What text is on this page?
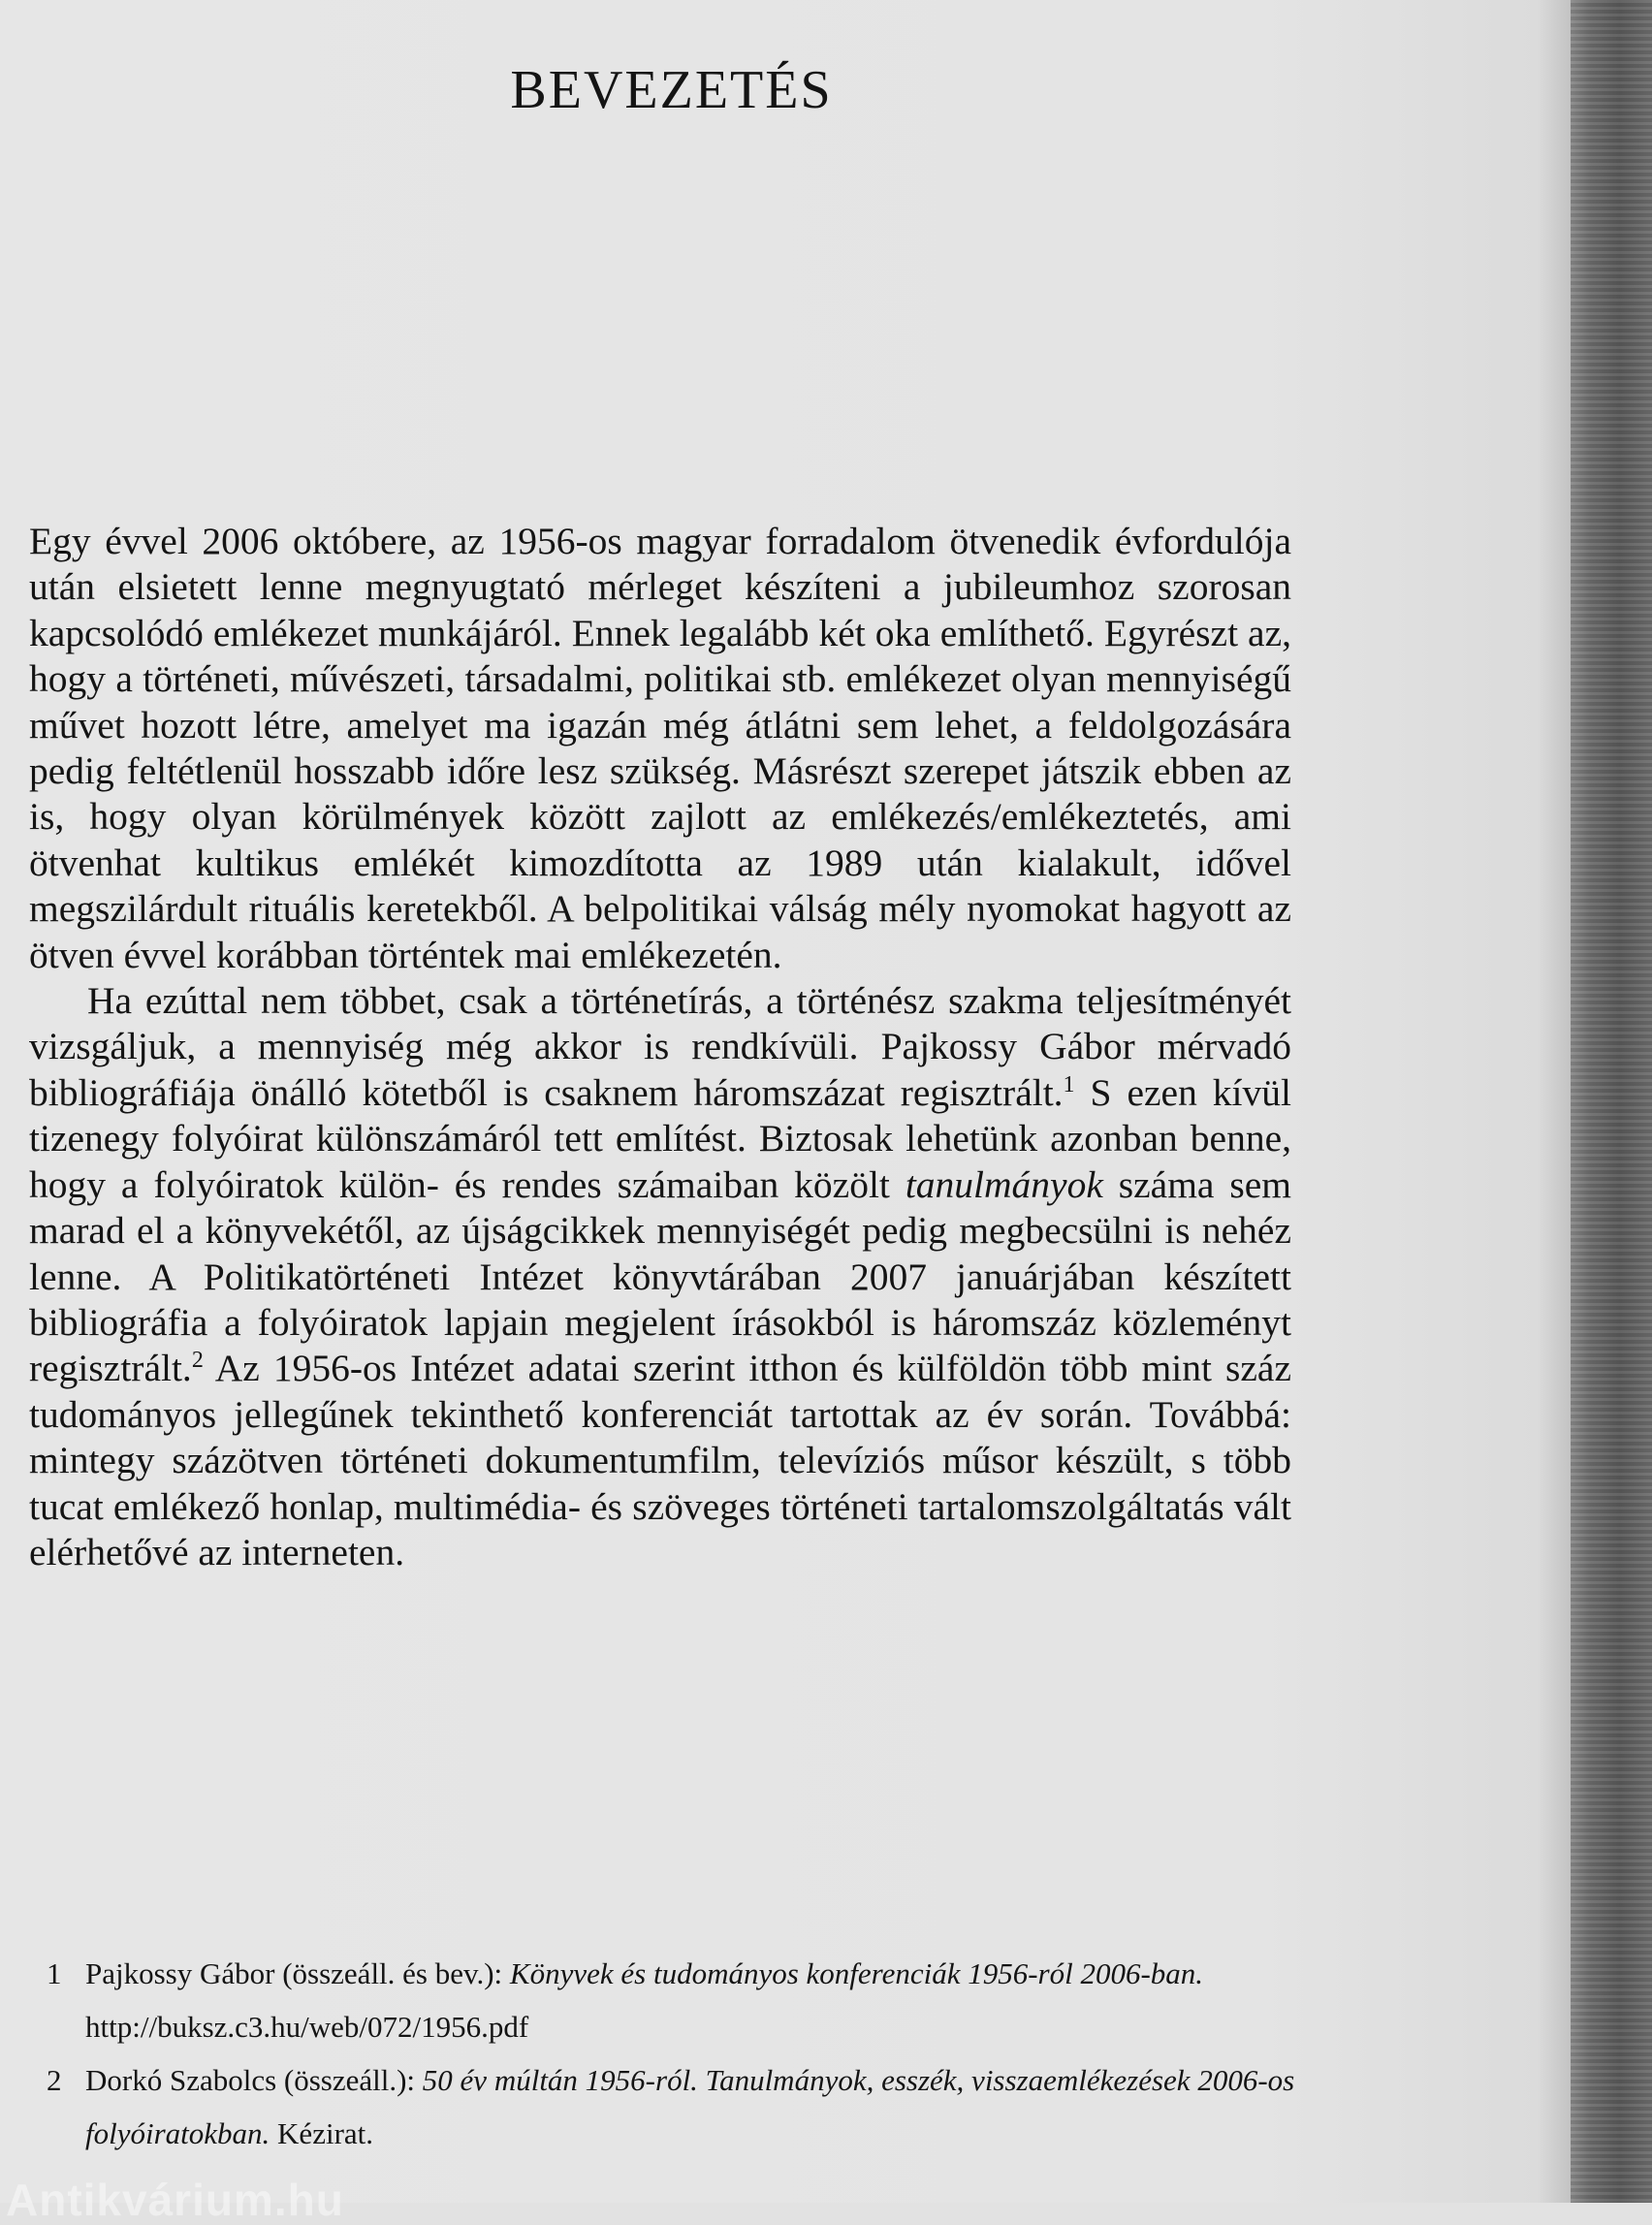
BEVEZETÉS

Egy évvel 2006 októbere, az 1956-os magyar forradalom ötvenedik évfordulója után elsietett lenne megnyugtató mérleget készíteni a jubileumhoz szorosan kapcsolódó emlékezet munkájáról. Ennek legalább két oka említhető. Egyrészt az, hogy a történeti, művészeti, társadalmi, politikai stb. emlékezet olyan mennyiségű művet hozott létre, amelyet ma igazán még átlátni sem lehet, a feldolgozására pedig feltétlenül hosszabb időre lesz szükség. Másrészt szerepet játszik ebben az is, hogy olyan körülmények között zajlott az emlékezés/emlékeztetés, ami ötvenhat kultikus emlékét kimozdította az 1989 után kialakult, idővel megszilárdult rituális keretekből. A belpolitikai válság mély nyomokat hagyott az ötven évvel korábban történtek mai emlékezetén.

Ha ezúttal nem többet, csak a történetírás, a történész szakma teljesítményét vizsgáljuk, a mennyiség még akkor is rendkívüli. Pajkossy Gábor mérvadó bibliográfiája önálló kötetből is csaknem háromszázat regisztrált.$^1$ S ezen kívül tizenegy folyóirat különszámáról tett említést. Biztosak lehetünk azonban benne, hogy a folyóiratok külön- és rendes számaiban közölt tanulmányok száma sem marad el a könyvekétől, az újságcikkek mennyiségét pedig megbecsülni is nehéz lenne. A Politikatörténeti Intézet könyvtárában 2007 januárjában készített bibliográfia a folyóiratok lapjain megjelent írásokból is háromszáz közleményt regisztrált.$^2$ Az 1956-os Intézet adatai szerint itthon és külföldön több mint száz tudományos jellegűnek tekinthető konferenciát tartottak az év során. Továbbá: mintegy százötven történeti dokumentumfilm, televíziós műsor készült, s több tucat emlékező honlap, multimédia- és szöveges történeti tartalomszolgáltatás vált elérhetővé az interneten.

1 Pajkossy Gábor (összeáll. és bev.): Könyvek és tudományos konferenciák 1956-ról 2006-ban. http://buksz.c3.hu/web/072/1956.pdf
2 Dorkó Szabolcs (összeáll.): 50 év múltán 1956-ról. Tanulmányok, esszék, visszaemlékezések 2006-os folyóiratokban. Kézirat.
Antikvárium.hu
